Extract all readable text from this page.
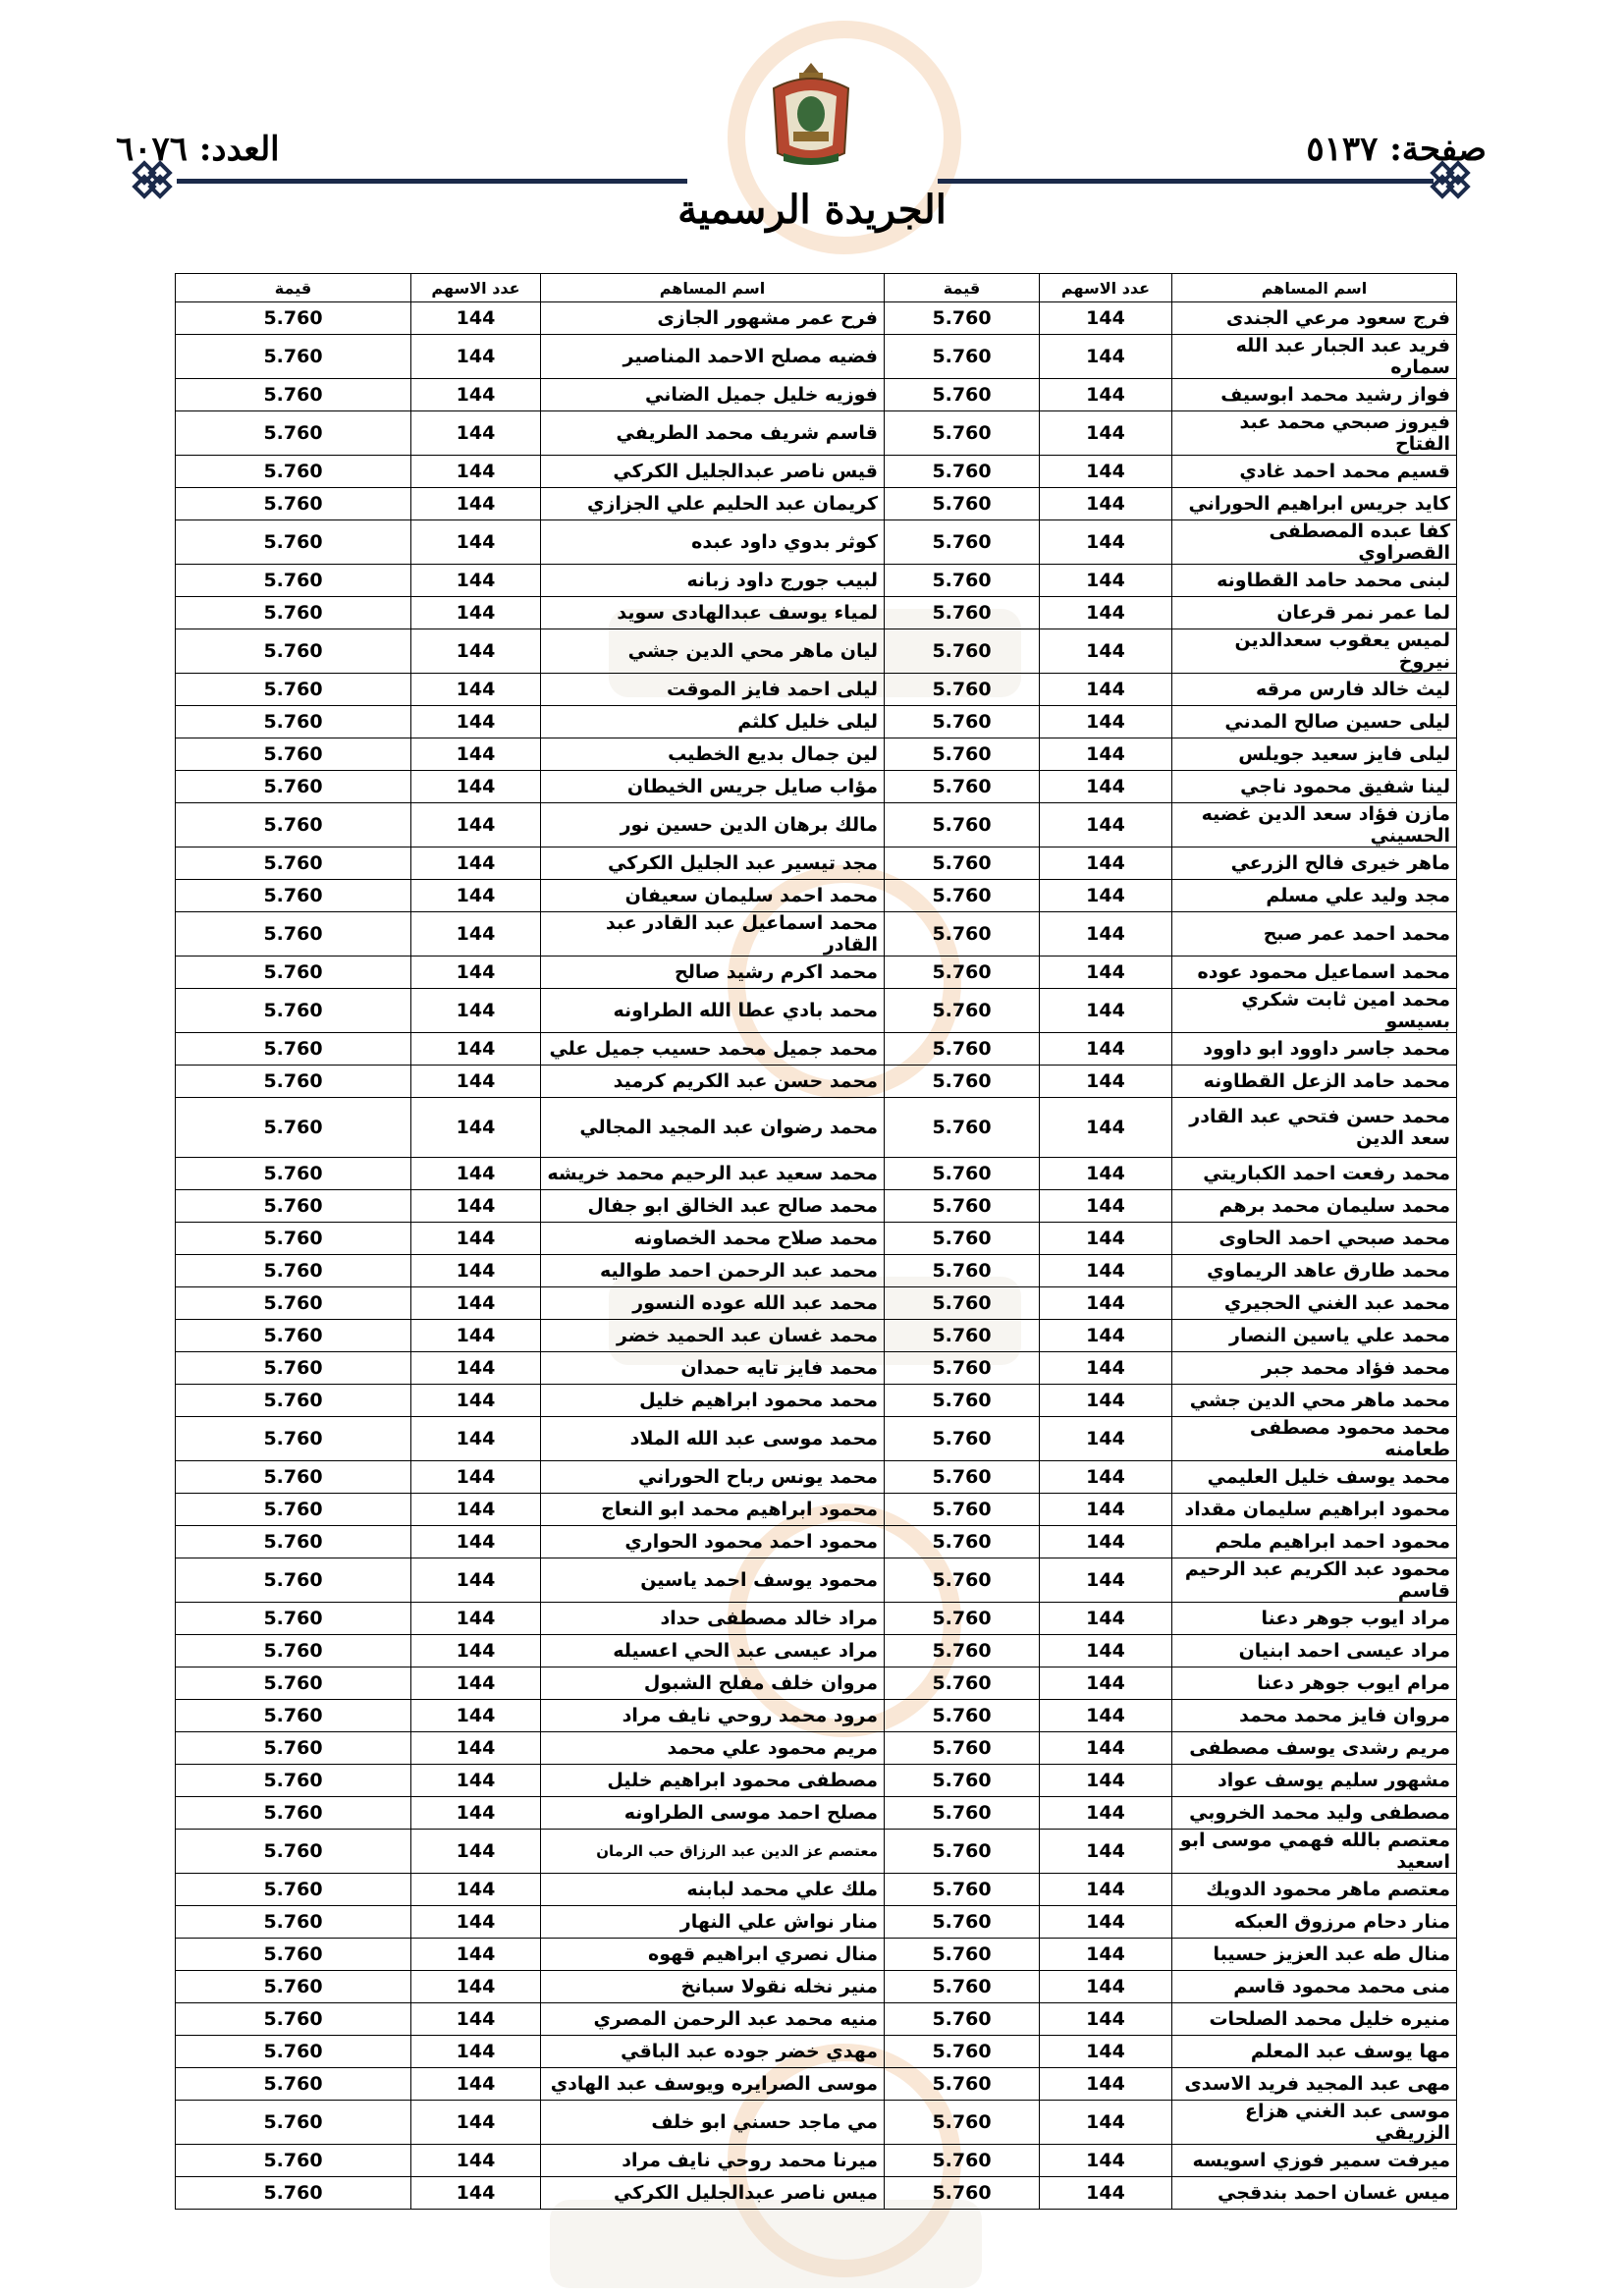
صفحة: ٥١٣٧
العدد: ٦٠٧٦
الجريدة الرسمية
اسم المساهم	عدد الاسهم	قيمة	اسم المساهم	عدد الاسهم	قيمة
فرج سعود مرعي الجندى	144	5.760	فرح عمر مشهور الجازى	144	5.760
فريد عبد الجبار عبد الله سماره	144	5.760	فضيه مصلح الاحمد المناصير	144	5.760
فواز رشيد محمد ابوسيف	144	5.760	فوزيه خليل جميل الضاني	144	5.760
فيروز صبحي محمد عبد الفتاح	144	5.760	قاسم شريف محمد الطريفي	144	5.760
قسيم محمد احمد غادي	144	5.760	قيس ناصر عبدالجليل الكركي	144	5.760
كايد جريس ابراهيم الحوراني	144	5.760	كريمان عبد الحليم علي الجزازي	144	5.760
كفا عبده المصطفى القصراوي	144	5.760	كوثر بدوي داود عبده	144	5.760
لبنى محمد حامد القطاونه	144	5.760	لبيب جورج داود زبانه	144	5.760
لما عمر نمر قرعان	144	5.760	لمياء يوسف عبدالهادى سويد	144	5.760
لميس يعقوب سعدالدين نيروخ	144	5.760	ليان ماهر محي الدين جشي	144	5.760
ليث خالد فارس مرقه	144	5.760	ليلى احمد فايز الموقت	144	5.760
ليلى حسين صالح المدني	144	5.760	ليلى خليل كلثم	144	5.760
ليلى فايز سعيد جويلس	144	5.760	لين جمال بديع الخطيب	144	5.760
لينا شفيق محمود ناجي	144	5.760	مؤاب صايل جريس الخيطان	144	5.760
مازن فؤاد سعد الدين غضيه الحسيني	144	5.760	مالك برهان الدين حسين نور	144	5.760
ماهر خيرى فالح الزرعي	144	5.760	مجد تيسير عبد الجليل الكركي	144	5.760
مجد وليد علي مسلم	144	5.760	محمد احمد سليمان سعيفان	144	5.760
محمد احمد عمر صبح	144	5.760	محمد اسماعيل عبد القادر عبد القادر	144	5.760
محمد اسماعيل محمود عوده	144	5.760	محمد اكرم رشيد صالح	144	5.760
محمد امين ثابت شكري بسيسو	144	5.760	محمد بادي عطا الله الطراونه	144	5.760
محمد جاسر داوود ابو داوود	144	5.760	محمد جميل محمد حسيب جميل علي	144	5.760
محمد حامد الزعل القطاونه	144	5.760	محمد حسن عبد الكريم كرميد	144	5.760
محمد حسن فتحي عبد القادر سعد الدين	144	5.760	محمد رضوان عبد المجيد المجالي	144	5.760
محمد رفعت احمد الكباريتي	144	5.760	محمد سعيد عبد الرحيم محمد خريشه	144	5.760
محمد سليمان محمد برهم	144	5.760	محمد صالح عبد الخالق ابو جفال	144	5.760
محمد صبحي احمد الحاوى	144	5.760	محمد صلاح محمد الخصاونه	144	5.760
محمد طارق عاهد الريماوي	144	5.760	محمد عبد الرحمن احمد طواليه	144	5.760
محمد عبد الغني الحجيري	144	5.760	محمد عبد الله عوده النسور	144	5.760
محمد علي ياسين النصار	144	5.760	محمد غسان عبد الحميد خضر	144	5.760
محمد فؤاد محمد جبر	144	5.760	محمد فايز تايه حمدان	144	5.760
محمد ماهر محي الدين جشي	144	5.760	محمد محمود ابراهيم خليل	144	5.760
محمد محمود مصطفى طعامنه	144	5.760	محمد موسى عبد الله الملاد	144	5.760
محمد يوسف خليل العليمي	144	5.760	محمد يونس رباح الحوراني	144	5.760
محمود ابراهيم سليمان مقداد	144	5.760	محمود ابراهيم محمد ابو النعاج	144	5.760
محمود احمد ابراهيم ملحم	144	5.760	محمود احمد محمود الحواري	144	5.760
محمود عبد الكريم عبد الرحيم قاسم	144	5.760	محمود يوسف احمد ياسين	144	5.760
مراد ايوب جوهر دعنا	144	5.760	مراد خالد مصطفى حداد	144	5.760
مراد عيسى احمد ابنيان	144	5.760	مراد عيسى عبد الحي اعسيله	144	5.760
مرام ايوب جوهر دعنا	144	5.760	مروان خلف مفلح الشبول	144	5.760
مروان فايز محمد محمد	144	5.760	مرود محمد روحي نايف مراد	144	5.760
مريم رشدى يوسف مصطفى	144	5.760	مريم محمود علي محمد	144	5.760
مشهور سليم يوسف عواد	144	5.760	مصطفى محمود ابراهيم خليل	144	5.760
مصطفى وليد محمد الخروبي	144	5.760	مصلح احمد موسى الطراونه	144	5.760
معتصم بالله فهمي موسى ابو اسعيد	144	5.760	معتصم عز الدين عبد الرزاق حب الرمان	144	5.760
معتصم ماهر محمود الدويك	144	5.760	ملك علي محمد لبابنه	144	5.760
منار دحام مرزوق العبكه	144	5.760	منار نواش علي النهار	144	5.760
منال طه عبد العزيز حسيبا	144	5.760	منال نصري ابراهيم قهوه	144	5.760
منى محمد محمود قاسم	144	5.760	منير نخله نقولا سبانخ	144	5.760
منيره خليل محمد الصلحات	144	5.760	منيه محمد عبد الرحمن المصري	144	5.760
مها يوسف عبد المعلم	144	5.760	مهدي خضر جوده عبد الباقي	144	5.760
مهى عبد المجيد فريد الاسدى	144	5.760	موسى الصرايره ويوسف عبد الهادي	144	5.760
موسى عبد الغني هزاع الزريقي	144	5.760	مي ماجد حسني ابو خلف	144	5.760
ميرفت سمير فوزي اسويسه	144	5.760	ميرنا محمد روحي نايف مراد	144	5.760
ميس غسان احمد بندقجي	144	5.760	ميس ناصر عبدالجليل الكركي	144	5.760
